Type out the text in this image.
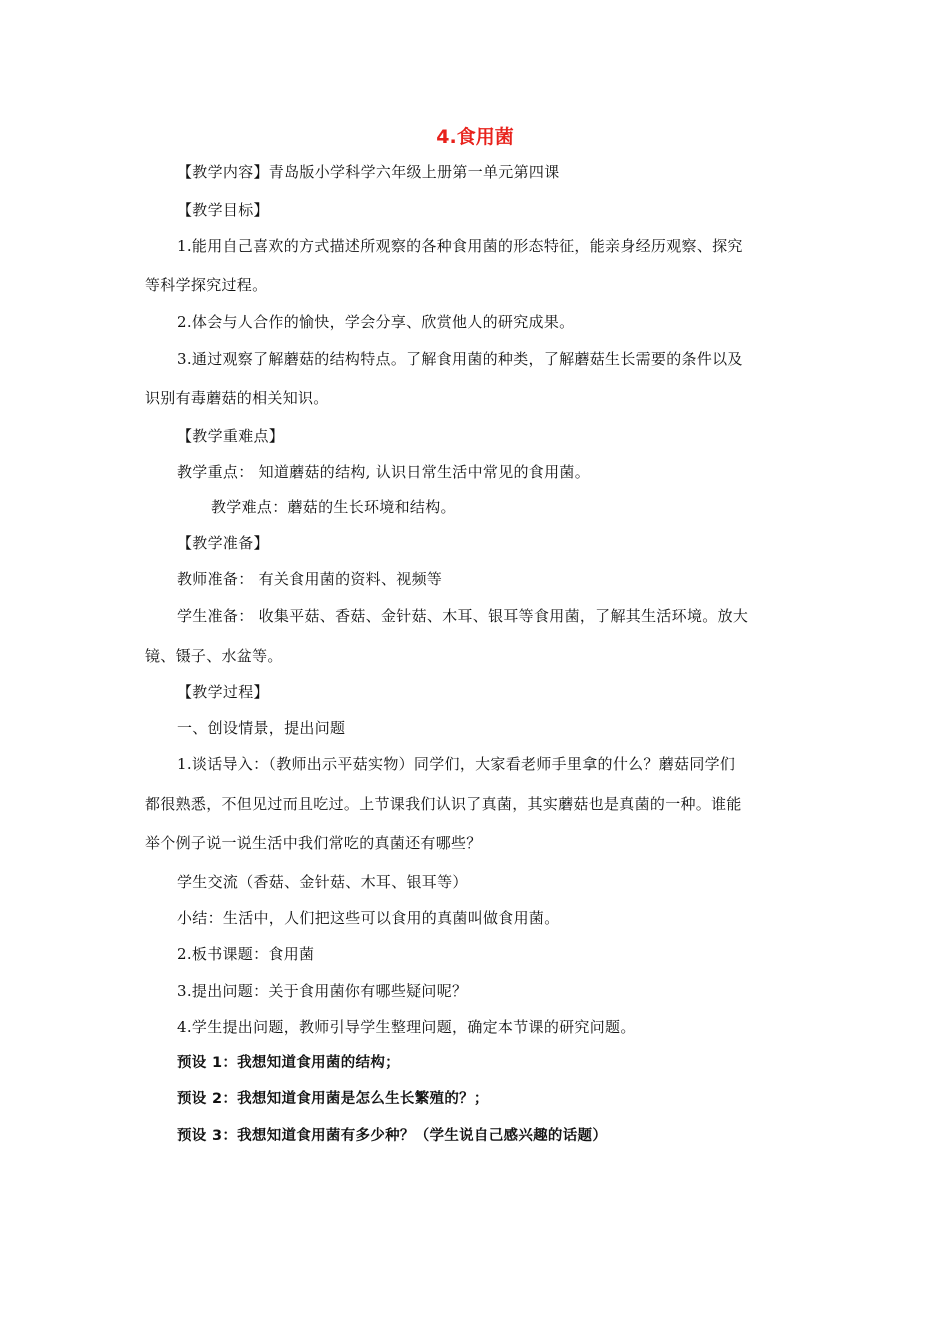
4.食用菌
【教学内容】青岛版小学科学六年级上册第一单元第四课
【教学目标】
1.能用自己喜欢的方式描述所观察的各种食用菌的形态特征，能亲身经历观察、探究
等科学探究过程。
2.体会与人合作的愉快，学会分享、欣赏他人的研究成果。
3.通过观察了解蘑菇的结构特点。了解食用菌的种类，了解蘑菇生长需要的条件以及
识别有毒蘑菇的相关知识。
【教学重难点】
教学重点： 知道蘑菇的结构, 认识日常生活中常见的食用菌。
教学难点：蘑菇的生长环境和结构。
【教学准备】
教师准备： 有关食用菌的资料、视频等
学生准备： 收集平菇、香菇、金针菇、木耳、银耳等食用菌，了解其生活环境。放大
镜、镊子、水盆等。
【教学过程】
一、创设情景，提出问题
1.谈话导入：（教师出示平菇实物）同学们，大家看老师手里拿的什么？蘑菇同学们
都很熟悉，不但见过而且吃过。上节课我们认识了真菌，其实蘑菇也是真菌的一种。谁能
举个例子说一说生活中我们常吃的真菌还有哪些？
学生交流（香菇、金针菇、木耳、银耳等）
小结：生活中，人们把这些可以食用的真菌叫做食用菌。
2.板书课题：食用菌
3.提出问题：关于食用菌你有哪些疑问呢？
4.学生提出问题，教师引导学生整理问题，确定本节课的研究问题。
预设 1：我想知道食用菌的结构；
预设 2：我想知道食用菌是怎么生长繁殖的？；
预设 3：我想知道食用菌有多少种？（学生说自己感兴趣的话题）
